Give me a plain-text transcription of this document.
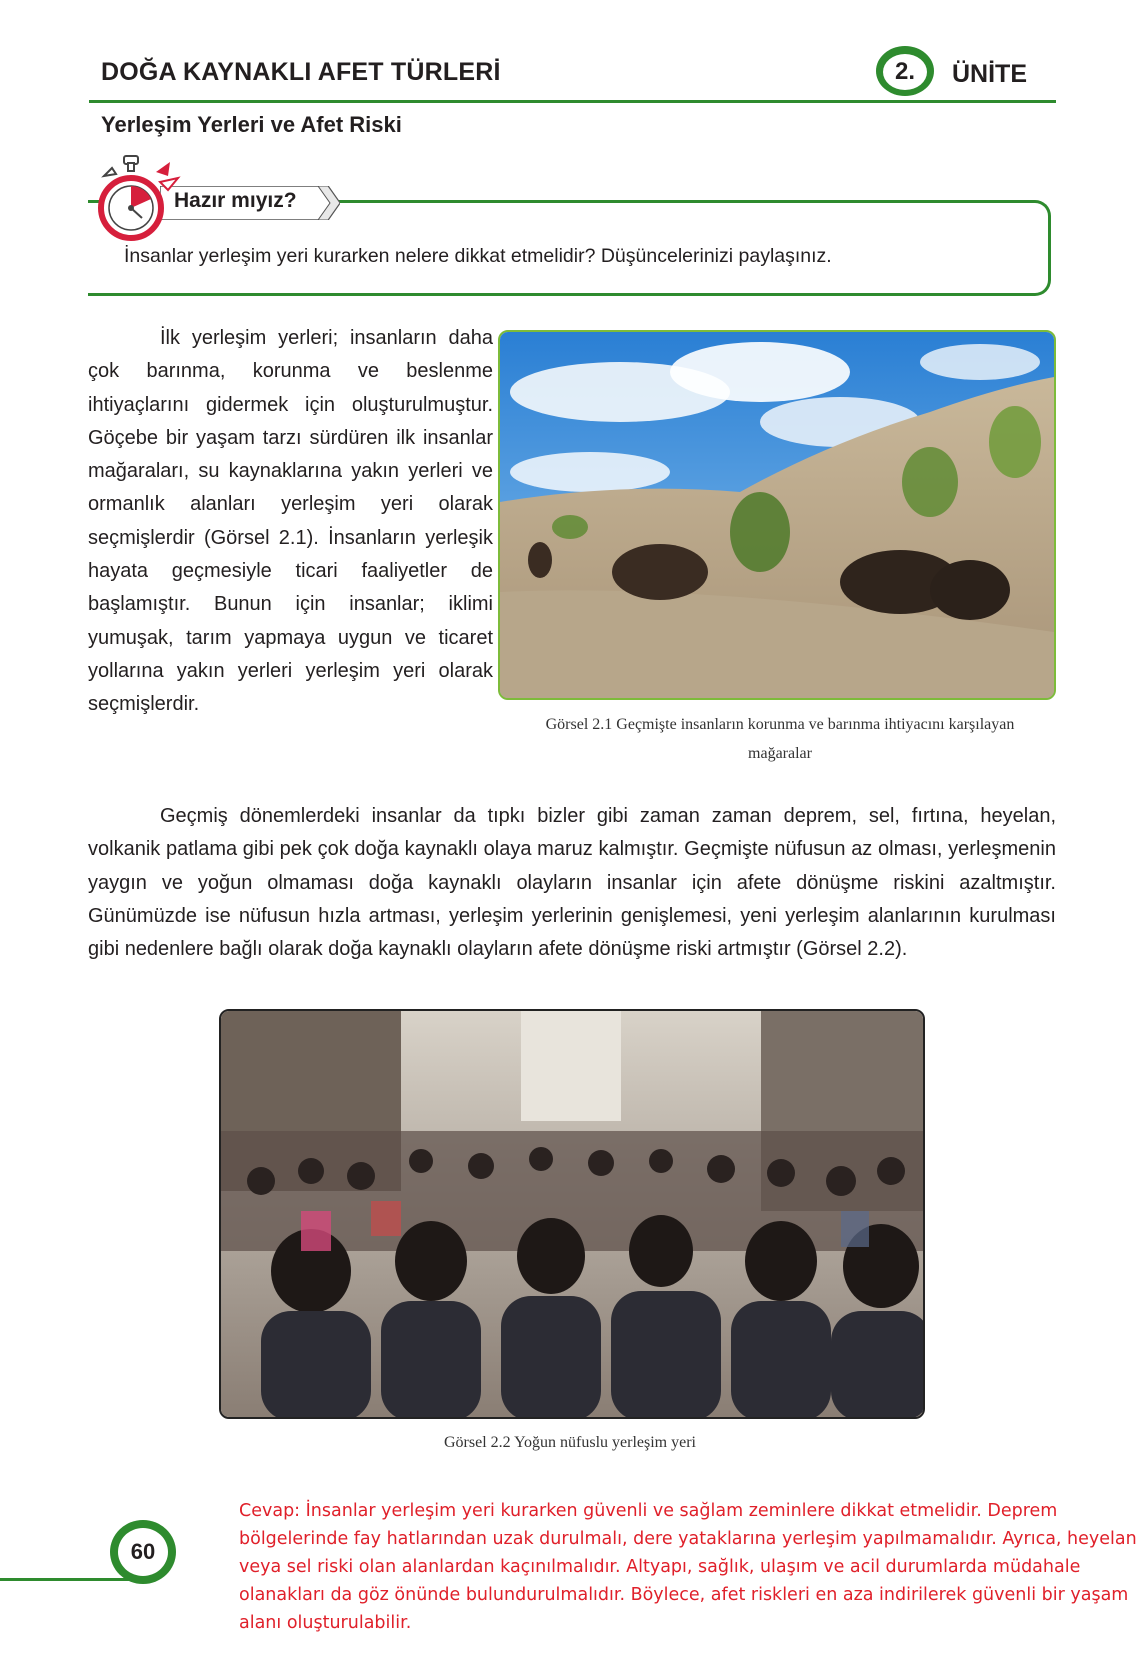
DOĞA KAYNAKLI AFET TÜRLERİ	2.	ÜNİTE
Yerleşim Yerleri ve Afet Riski
Hazır mıyız?
İnsanlar yerleşim yeri kurarken nelere dikkat etmelidir? Düşüncelerinizi paylaşınız.
İlk yerleşim yerleri; insanların daha çok barınma, korunma ve beslenme ihtiyaçlarını gidermek için oluşturulmuştur. Göçebe bir yaşam tarzı sürdüren ilk insanlar mağaraları, su kaynaklarına yakın yerleri ve ormanlık alanları yerleşim yeri olarak seçmişlerdir (Görsel 2.1). İnsanların yerleşik hayata geçmesiyle ticari faaliyetler de başlamıştır. Bunun için insanlar; iklimi yumuşak, tarım yapmaya uygun ve ticaret yollarına yakın yerleri yerleşim yeri olarak seçmişlerdir.
Görsel 2.1 Geçmişte insanların korunma ve barınma ihtiyacını karşılayan mağaralar
Geçmiş dönemlerdeki insanlar da tıpkı bizler gibi zaman zaman deprem, sel, fırtına, heyelan, volkanik patlama gibi pek çok doğa kaynaklı olaya maruz kalmıştır. Geçmişte nüfusun az olması, yerleşmenin yaygın ve yoğun olmaması doğa kaynaklı olayların insanlar için afete dönüşme riskini azaltmıştır. Günümüzde ise nüfusun hızla artması, yerleşim yerlerinin genişlemesi, yeni yerleşim alanlarının kurulması gibi nedenlere bağlı olarak doğa kaynaklı olayların afete dönüşme riski artmıştır (Görsel 2.2).
Görsel 2.2 Yoğun nüfuslu yerleşim yeri
60
Cevap: İnsanlar yerleşim yeri kurarken güvenli ve sağlam zeminlere dikkat etmelidir. Deprem bölgelerinde fay hatlarından uzak durulmalı, dere yataklarına yerleşim yapılmamalıdır. Ayrıca, heyelan veya sel riski olan alanlardan kaçınılmalıdır. Altyapı, sağlık, ulaşım ve acil durumlarda müdahale olanakları da göz önünde bulundurulmalıdır. Böylece, afet riskleri en aza indirilerek güvenli bir yaşam alanı oluşturulabilir.
